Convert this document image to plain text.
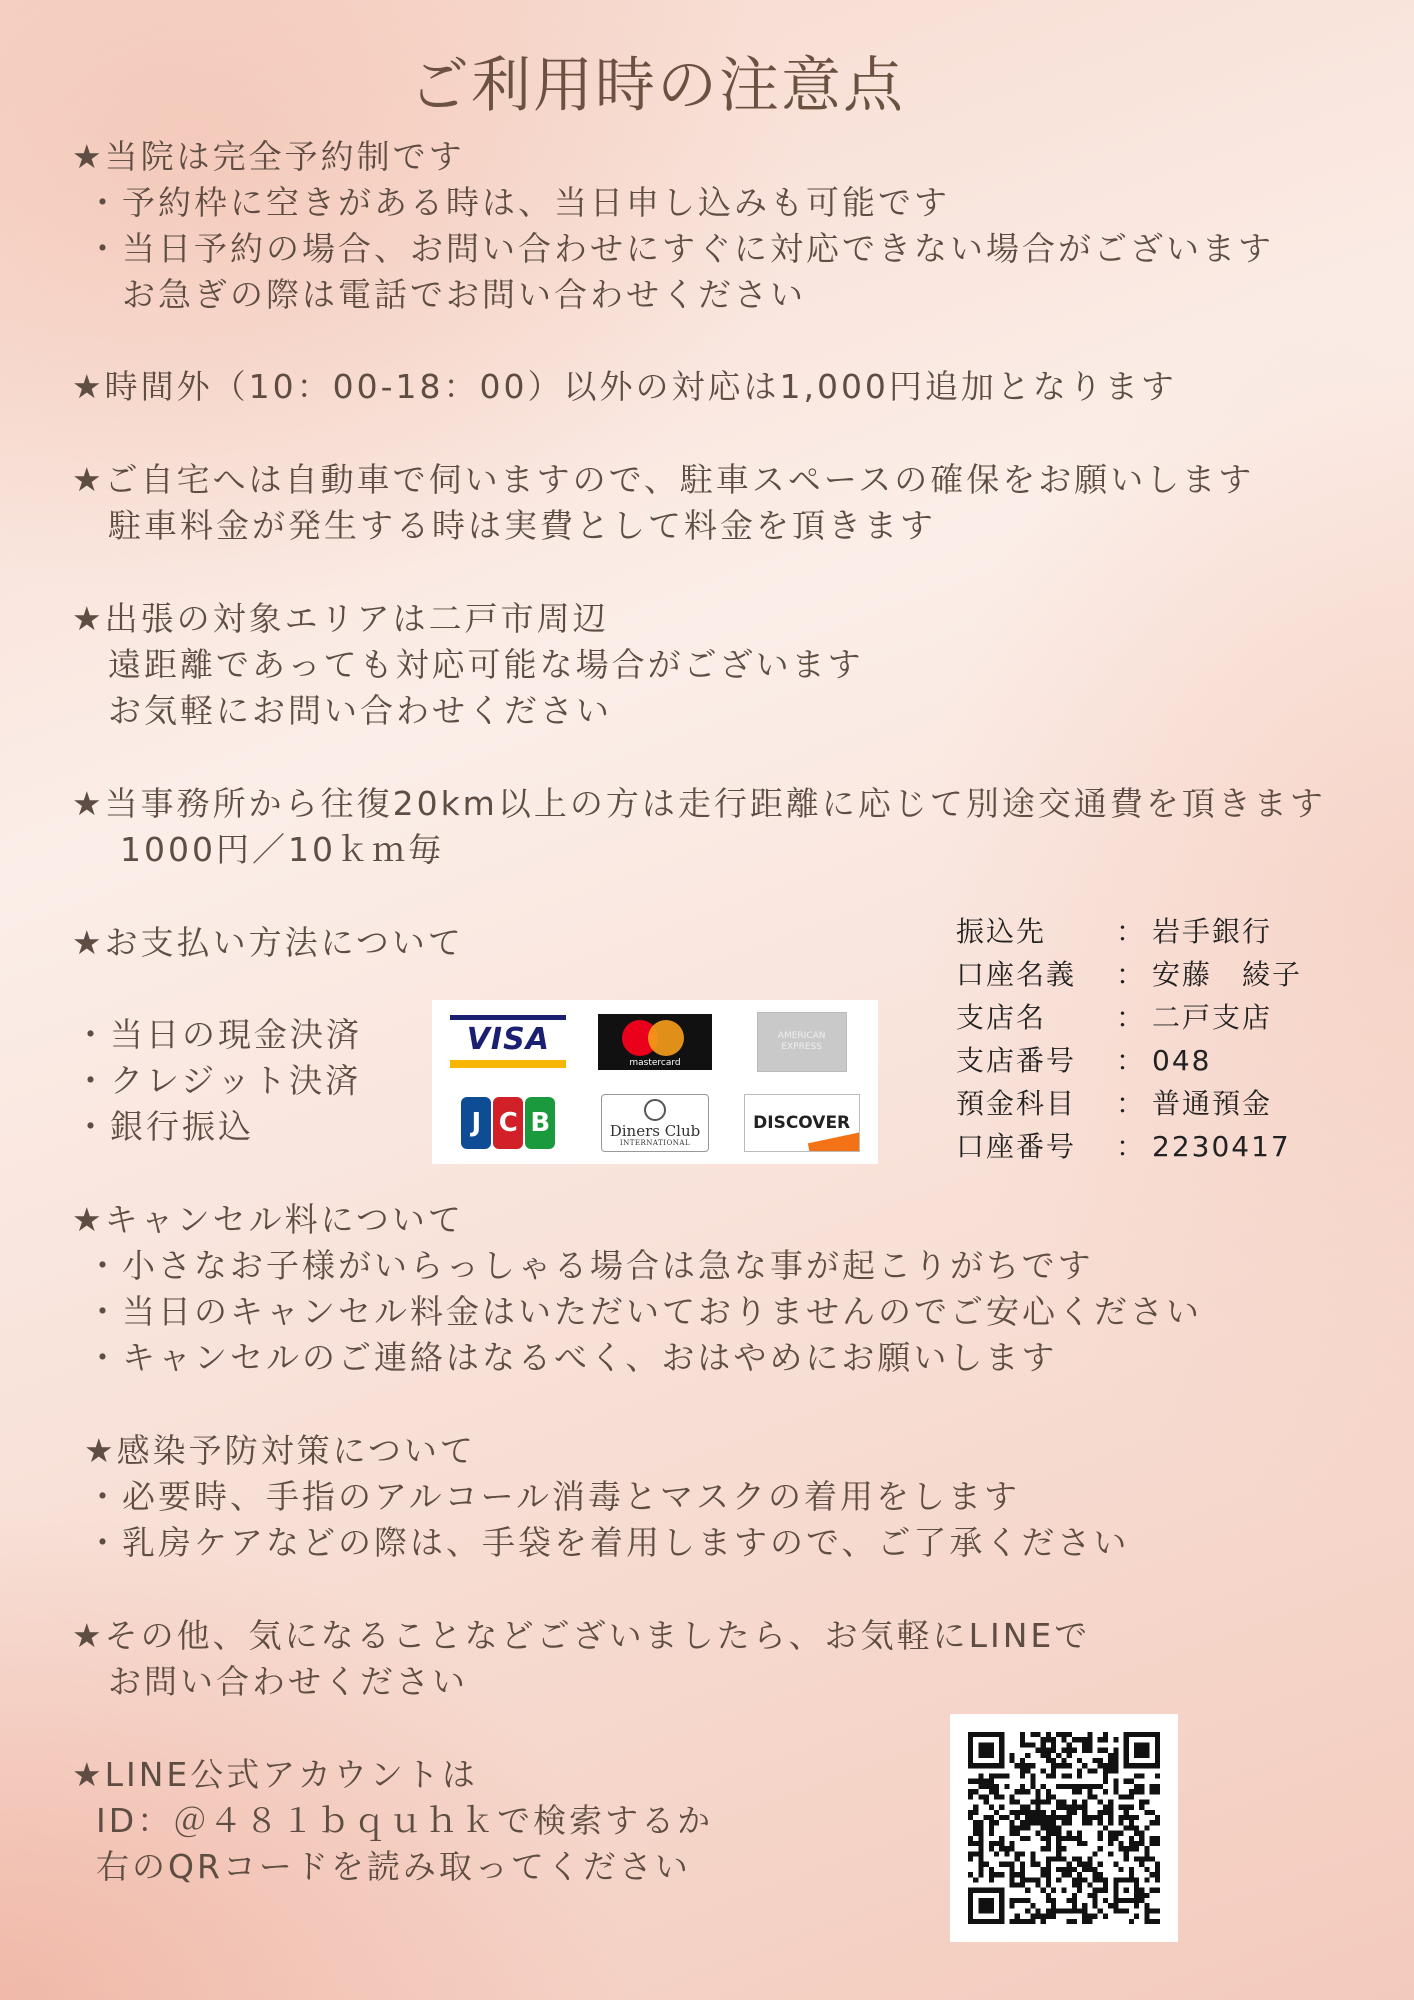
ご利用時の注意点
★当院は完全予約制です
・予約枠に空きがある時は、当日申し込みも可能です
・当日予約の場合、お問い合わせにすぐに対応できない場合がございます
お急ぎの際は電話でお問い合わせください
★時間外（10：00-18：00）以外の対応は1,000円追加となります
★ご自宅へは自動車で伺いますので、駐車スペースの確保をお願いします
駐車料金が発生する時は実費として料金を頂きます
★出張の対象エリアは二戸市周辺
遠距離であっても対応可能な場合がございます
お気軽にお問い合わせください
★当事務所から往復20km以上の方は走行距離に応じて別途交通費を頂きます
1000円／10ｋｍ毎
★お支払い方法について
・当日の現金決済
・クレジット決済
・銀行振込
VISA
mastercard
AMERICAN EXPRESS
J C B	Diners Club
INTERNATIONAL
DISCOVER
振込先	： 岩手銀行
口座名義	： 安藤　綾子
支店名	： 二戸支店
支店番号	： 048
預金科目	： 普通預金
口座番号	： 2230417
★キャンセル料について
・小さなお子様がいらっしゃる場合は急な事が起こりがちです
・当日のキャンセル料金はいただいておりませんのでご安心ください
・キャンセルのご連絡はなるべく、おはやめにお願いします
★感染予防対策について
・必要時、手指のアルコール消毒とマスクの着用をします
・乳房ケアなどの際は、手袋を着用しますので、ご了承ください
★その他、気になることなどございましたら、お気軽にLINEで
お問い合わせください
★LINE公式アカウントは
ID：＠４８１ｂｑｕｈｋで検索するか
右のQRコードを読み取ってください
